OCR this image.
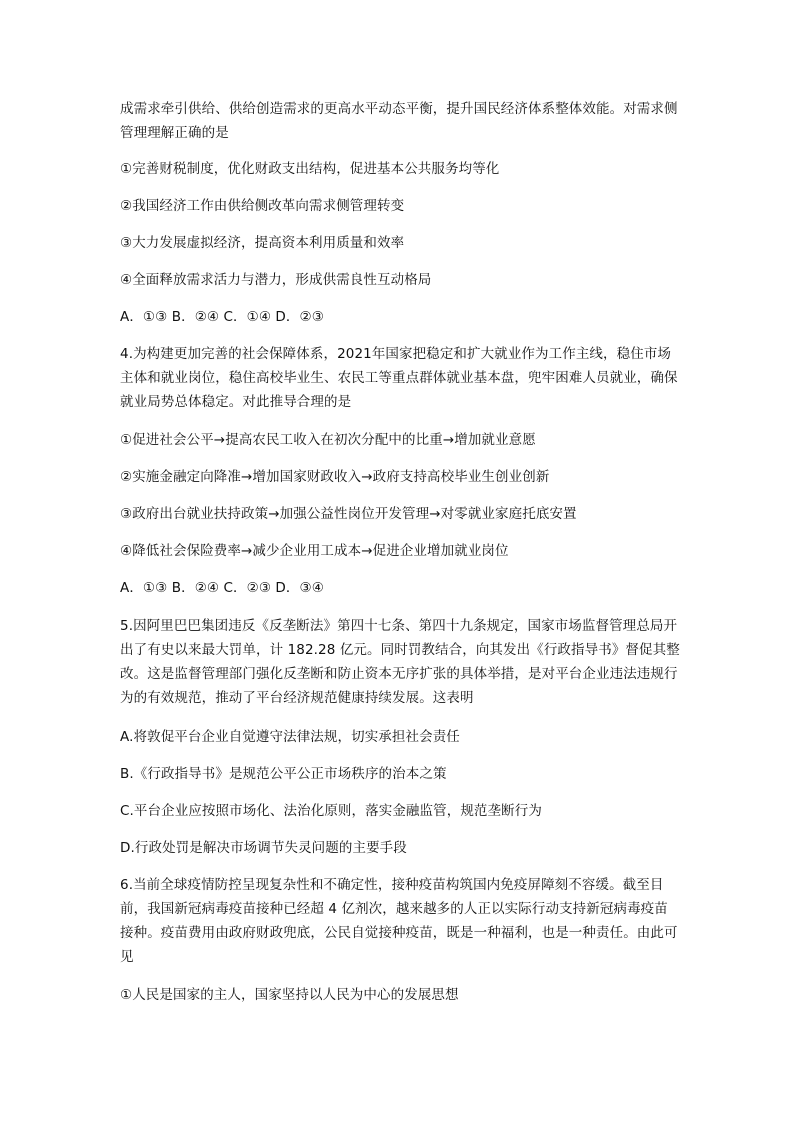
成需求牵引供给、供给创造需求的更高水平动态平衡，提升国民经济体系整体效能。对需求侧管理理解正确的是
①完善财税制度，优化财政支出结构，促进基本公共服务均等化
②我国经济工作由供给侧改革向需求侧管理转变
③大力发展虚拟经济，提高资本利用质量和效率
④全面释放需求活力与潜力，形成供需良性互动格局
A．①③ B．②④ C．①④ D．②③
4.为构建更加完善的社会保障体系，2021年国家把稳定和扩大就业作为工作主线，稳住市场主体和就业岗位，稳住高校毕业生、农民工等重点群体就业基本盘，兜牢困难人员就业，确保就业局势总体稳定。对此推导合理的是
①促进社会公平→提高农民工收入在初次分配中的比重→增加就业意愿
②实施金融定向降准→增加国家财政收入→政府支持高校毕业生创业创新
③政府出台就业扶持政策→加强公益性岗位开发管理→对零就业家庭托底安置
④降低社会保险费率→减少企业用工成本→促进企业增加就业岗位
A．①③ B．②④ C．②③ D．③④
5.因阿里巴巴集团违反《反垄断法》第四十七条、第四十九条规定，国家市场监督管理总局开出了有史以来最大罚单，计 182.28 亿元。同时罚教结合，向其发出《行政指导书》督促其整改。这是监督管理部门强化反垄断和防止资本无序扩张的具体举措，是对平台企业违法违规行为的有效规范，推动了平台经济规范健康持续发展。这表明
A.将敦促平台企业自觉遵守法律法规，切实承担社会责任
B.《行政指导书》是规范公平公正市场秩序的治本之策
C.平台企业应按照市场化、法治化原则，落实金融监管，规范垄断行为
D.行政处罚是解决市场调节失灵问题的主要手段
6.当前全球疫情防控呈现复杂性和不确定性，接种疫苗构筑国内免疫屏障刻不容缓。截至目前，我国新冠病毒疫苗接种已经超 4 亿剂次，越来越多的人正以实际行动支持新冠病毒疫苗接种。疫苗费用由政府财政兜底，公民自觉接种疫苗，既是一种福利，也是一种责任。由此可见
①人民是国家的主人，国家坚持以人民为中心的发展思想
